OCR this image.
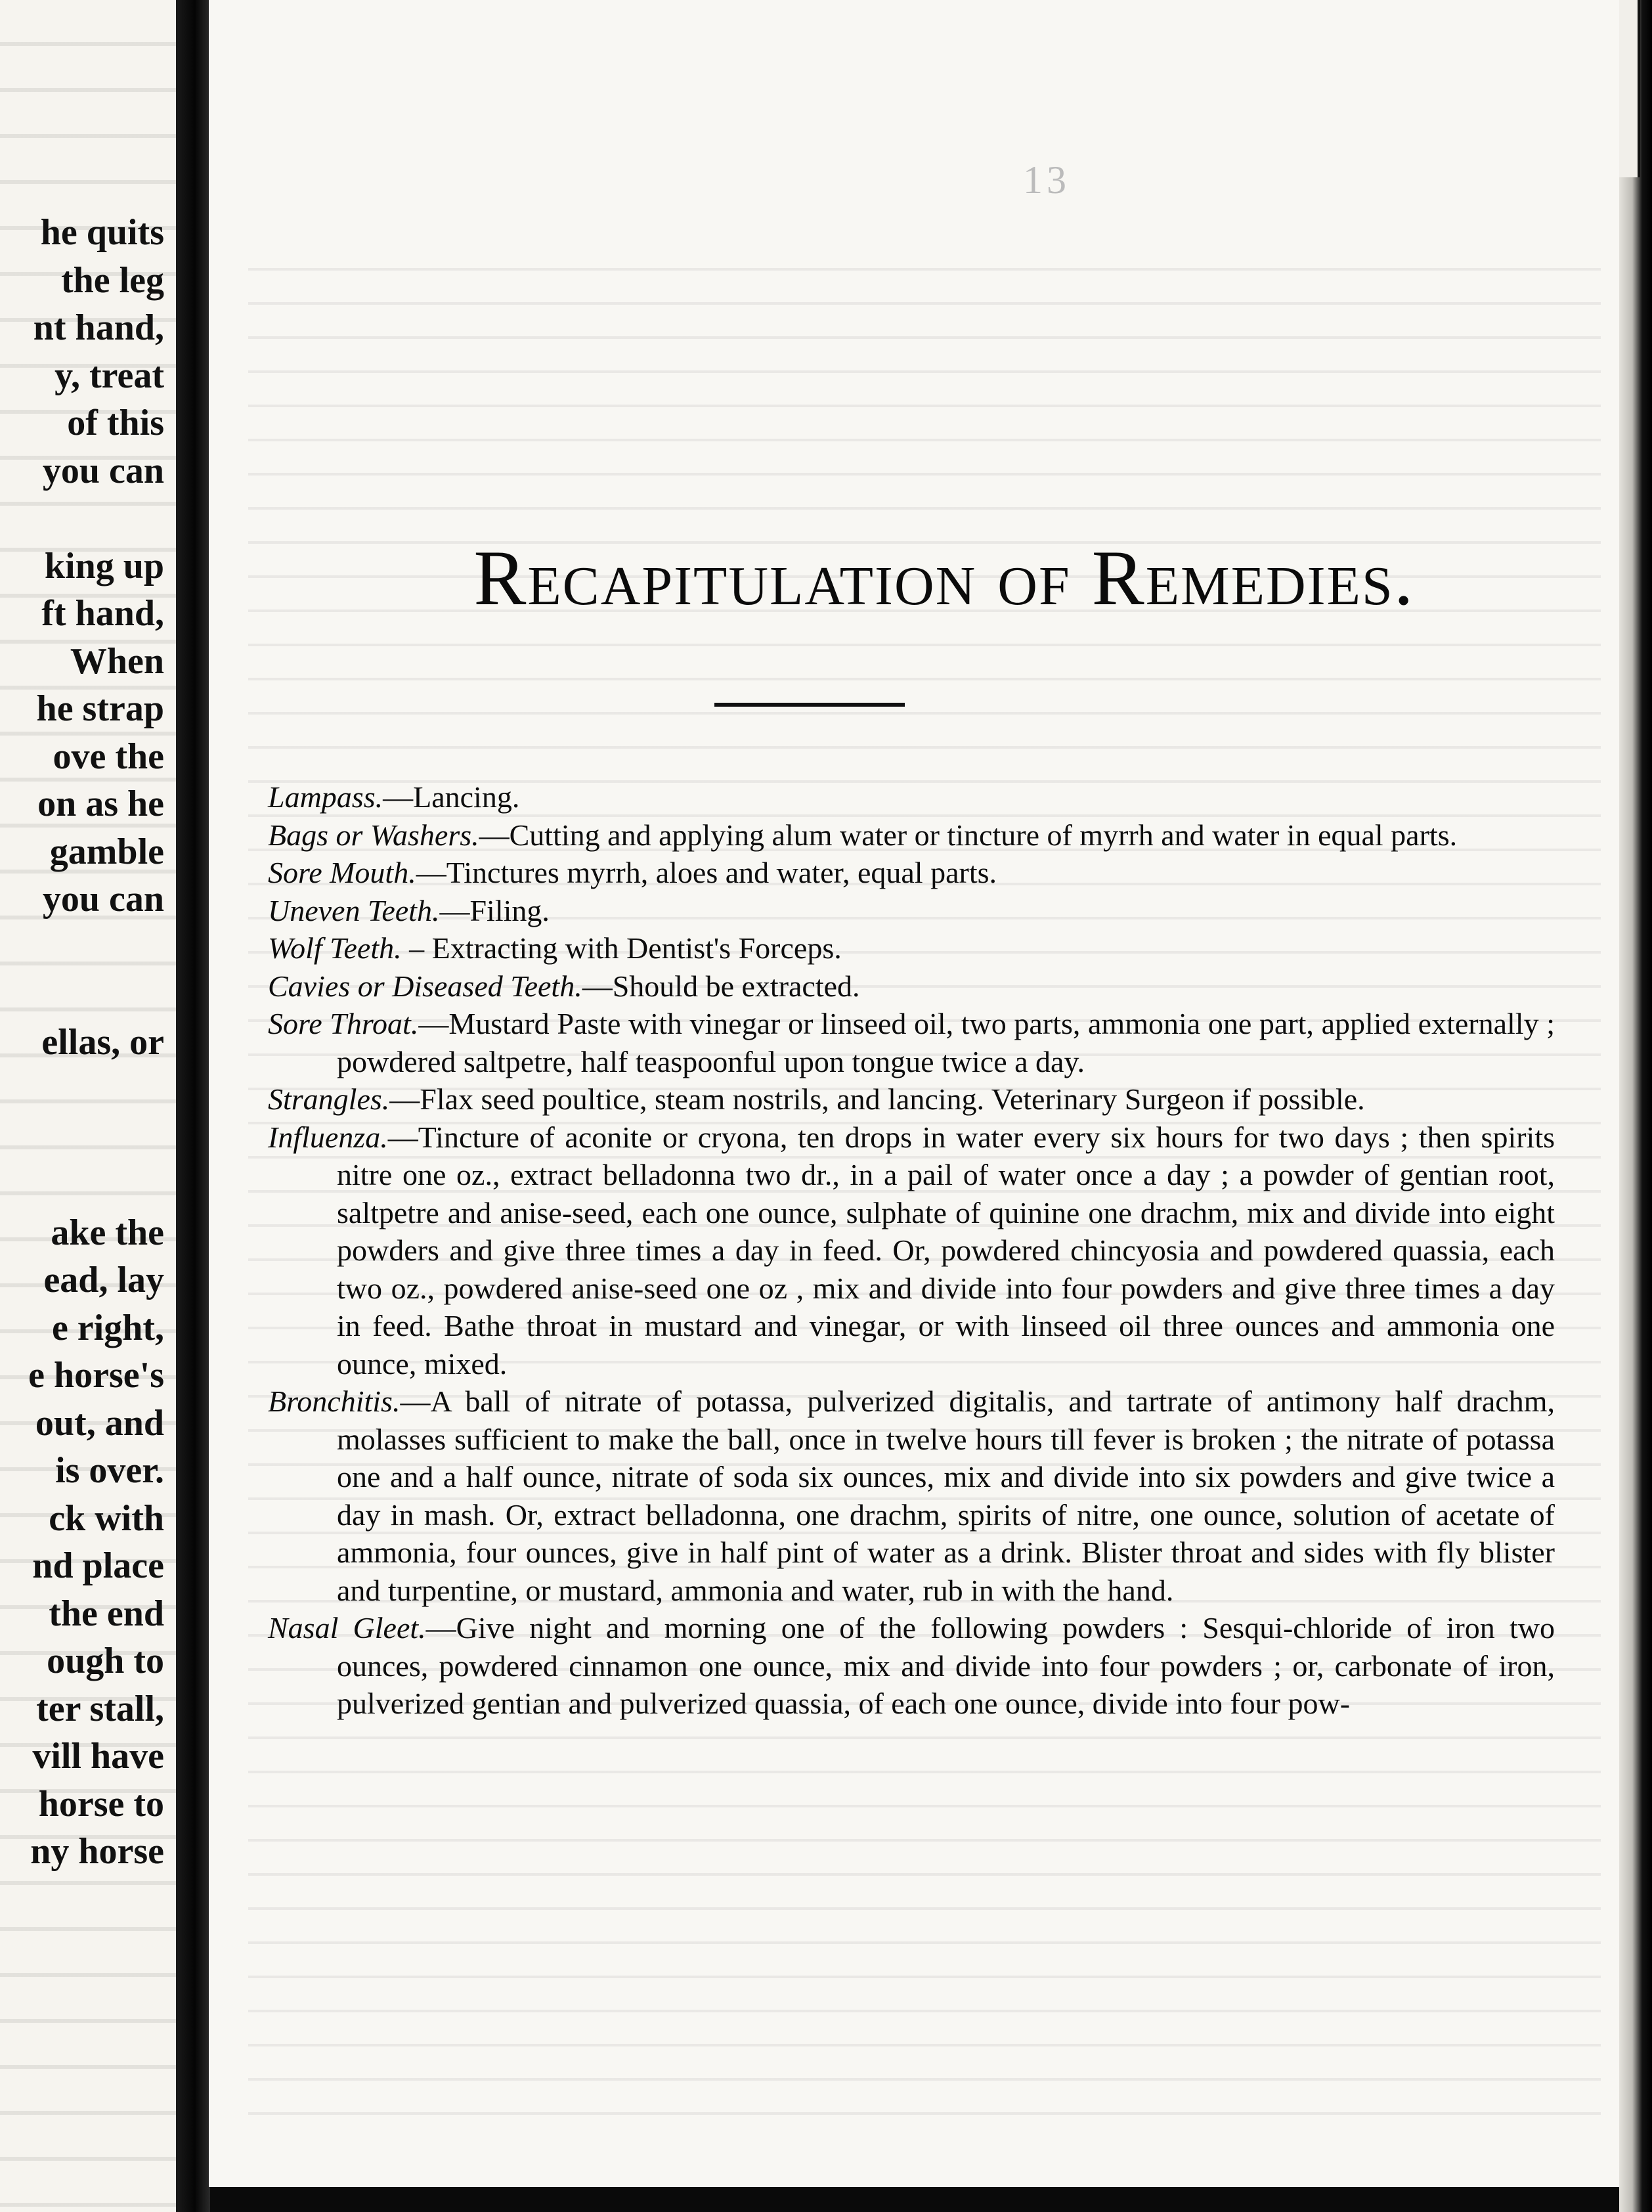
he quits
the leg
nt hand,
y, treat
of this
you can
king up
ft hand,
When
he strap
ove the
on as he
gamble
you can
ellas, or
ake the
ead, lay
e right,
e horse's
out, and
is over.
ck with
nd place
the end
ough to
ter stall,
vill have
horse to
ny horse
13
Recapitulation of Remedies.
Lampass.—Lancing.
Bags or Washers.—Cutting and applying alum water or tincture of myrrh and water in equal parts.
Sore Mouth.—Tinctures myrrh, aloes and water, equal parts.
Uneven Teeth.—Filing.
Wolf Teeth. – Extracting with Dentist's Forceps.
Cavies or Diseased Teeth.—Should be extracted.
Sore Throat.—Mustard Paste with vinegar or linseed oil, two parts, ammonia one part, applied externally ; powdered saltpetre, half teaspoonful upon tongue twice a day.
Strangles.—Flax seed poultice, steam nostrils, and lancing. Veterinary Surgeon if possible.
Influenza.—Tincture of aconite or cryona, ten drops in water every six hours for two days ; then spirits nitre one oz., extract belladonna two dr., in a pail of water once a day ; a powder of gentian root, saltpetre and anise-seed, each one ounce, sulphate of quinine one drachm, mix and divide into eight powders and give three times a day in feed. Or, powdered chincyosia and powdered quassia, each two oz., powdered anise-seed one oz , mix and divide into four powders and give three times a day in feed. Bathe throat in mustard and vinegar, or with linseed oil three ounces and ammonia one ounce, mixed.
Bronchitis.—A ball of nitrate of potassa, pulverized digitalis, and tartrate of antimony half drachm, molasses sufficient to make the ball, once in twelve hours till fever is broken ; the nitrate of potassa one and a half ounce, nitrate of soda six ounces, mix and divide into six powders and give twice a day in mash. Or, extract belladonna, one drachm, spirits of nitre, one ounce, solution of acetate of ammonia, four ounces, give in half pint of water as a drink. Blister throat and sides with fly blister and turpentine, or mustard, ammonia and water, rub in with the hand.
Nasal Gleet.—Give night and morning one of the following powders : Sesqui-chloride of iron two ounces, powdered cinnamon one ounce, mix and divide into four powders ; or, carbonate of iron, pulverized gentian and pulverized quassia, of each one ounce, divide into four pow-
